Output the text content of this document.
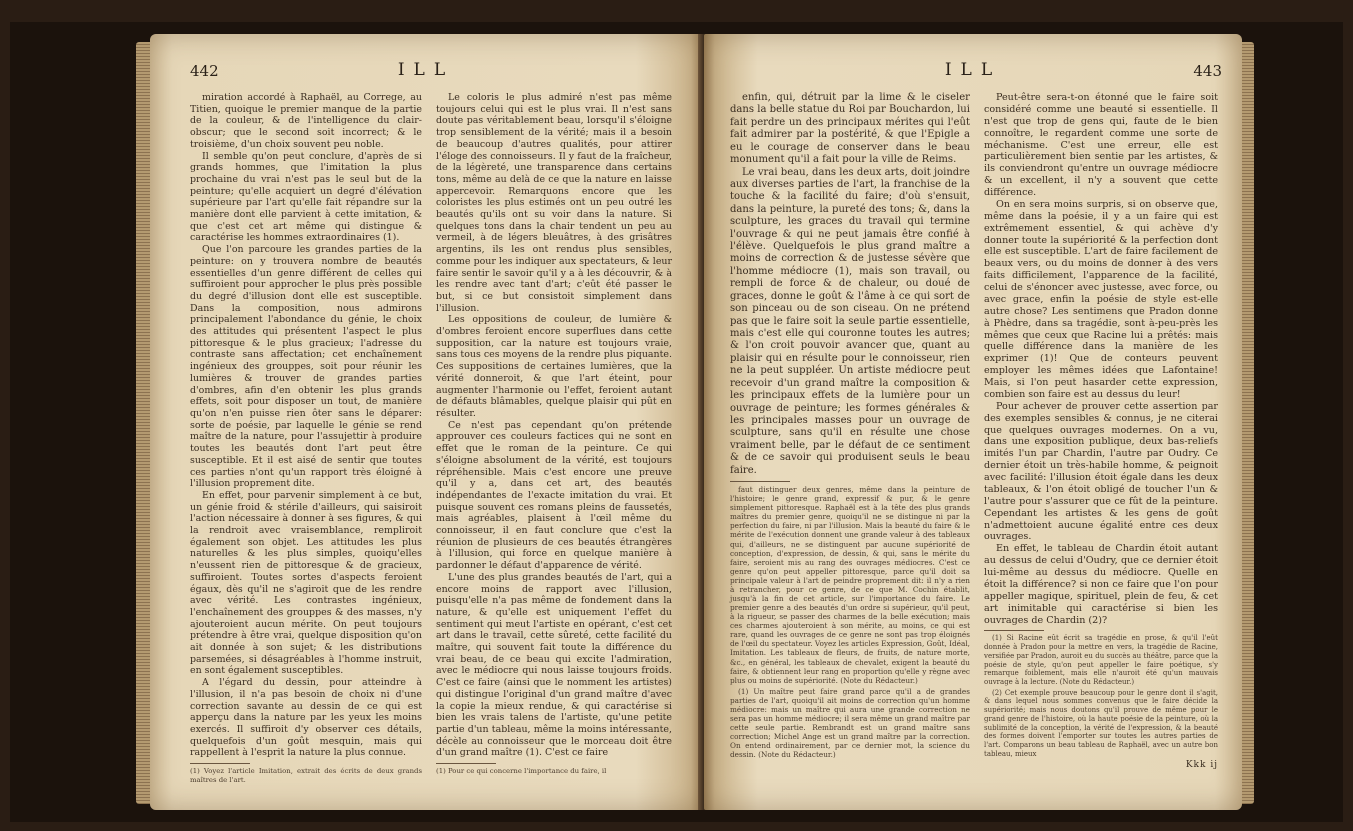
442	ILL

miration accordé à Raphaël, au Correge, au Titien, quoique le premier manque de la partie de la couleur, & de l'intelligence du clair-obscur; que le second soit incorrect; & le troisième, d'un choix souvent peu noble.

Il semble qu'on peut conclure, d'après de si grands hommes, que l'imitation la plus prochaine du vrai n'est pas le seul but de la peinture; qu'elle acquiert un degré d'élévation supérieure par l'art qu'elle fait répandre sur la manière dont elle parvient à cette imitation, & que c'est cet art même qui distingue & caractérise les hommes extraordinaires (1).

Que l'on parcoure les grandes parties de la peinture: on y trouvera nombre de beautés essentielles d'un genre différent de celles qui suffiroient pour approcher le plus près possible du degré d'illusion dont elle est susceptible. Dans la composition, nous admirons principalement l'abondance du génie, le choix des attitudes qui présentent l'aspect le plus pittoresque & le plus gracieux; l'adresse du contraste sans affectation; cet enchaînement ingénieux des grouppes, soit pour réunir les lumières & trouver de grandes parties d'ombres, afin d'en obtenir les plus grands effets, soit pour disposer un tout, de manière qu'on n'en puisse rien ôter sans le déparer: sorte de poésie, par laquelle le génie se rend maître de la nature, pour l'assujettir à produire toutes les beautés dont l'art peut être susceptible. Et il est aisé de sentir que toutes ces parties n'ont qu'un rapport très éloigné à l'illusion proprement dite.

En effet, pour parvenir simplement à ce but, un génie froid & stérile d'ailleurs, qui saisiroit l'action nécessaire à donner à ses figures, & qui la rendroit avec vraisemblance, rempliroit également son objet. Les attitudes les plus naturelles & les plus simples, quoiqu'elles n'eussent rien de pittoresque & de gracieux, suffiroient. Toutes sortes d'aspects feroient égaux, dès qu'il ne s'agiroit que de les rendre avec vérité. Les contrastes ingénieux, l'enchaînement des grouppes & des masses, n'y ajouteroient aucun mérite. On peut toujours prétendre à être vrai, quelque disposition qu'on ait donnée à son sujet; & les distributions parsemées, si désagréables à l'homme instruit, en sont également susceptibles.

A l'égard du dessin, pour atteindre à l'illusion, il n'a pas besoin de choix ni d'une correction savante au dessin de ce qui est apperçu dans la nature par les yeux les moins exercés. Il suffiroit d'y observer ces détails, quelquefois d'un goût mesquin, mais qui rappellent à l'esprit la nature la plus connue.

(1) Voyez l'article Imitation, extrait des écrits de deux grands maîtres de l'art.

Le coloris le plus admiré n'est pas même toujours celui qui est le plus vrai. Il n'est sans doute pas véritablement beau, lorsqu'il s'éloigne trop sensiblement de la vérité; mais il a besoin de beaucoup d'autres qualités, pour attirer l'éloge des connoisseurs. Il y faut de la fraîcheur, de la légèreté, une transparence dans certains tons, même au delà de ce que la nature en laisse appercevoir. Remarquons encore que les coloristes les plus estimés ont un peu outré les beautés qu'ils ont su voir dans la nature. Si quelques tons dans la chair tendent un peu au vermeil, à de légers bleuâtres, à des grisâtres argentins, ils les ont rendus plus sensibles, comme pour les indiquer aux spectateurs, & leur faire sentir le savoir qu'il y a à les découvrir, & à les rendre avec tant d'art; c'eût été passer le but, si ce but consistoit simplement dans l'illusion.

Les oppositions de couleur, de lumière & d'ombres feroient encore superflues dans cette supposition, car la nature est toujours vraie, sans tous ces moyens de la rendre plus piquante. Ces suppositions de certaines lumières, que la vérité donneroit, & que l'art éteint, pour augmenter l'harmonie ou l'effet, feroient autant de défauts blâmables, quelque plaisir qui pût en résulter.

Ce n'est pas cependant qu'on prétende approuver ces couleurs factices qui ne sont en effet que le roman de la peinture. Ce qui s'éloigne absolument de la vérité, est toujours répréhensible. Mais c'est encore une preuve qu'il y a, dans cet art, des beautés indépendantes de l'exacte imitation du vrai. Et puisque souvent ces romans pleins de faussetés, mais agréables, plaisent à l'œil même du connoisseur, il en faut conclure que c'est la réunion de plusieurs de ces beautés étrangères à l'illusion, qui force en quelque manière à pardonner le défaut d'apparence de vérité.

L'une des plus grandes beautés de l'art, qui a encore moins de rapport avec l'illusion, puisqu'elle n'a pas même de fondement dans la nature, & qu'elle est uniquement l'effet du sentiment qui meut l'artiste en opérant, c'est cet art dans le travail, cette sûreté, cette facilité du maître, qui souvent fait toute la différence du vrai beau, de ce beau qui excite l'admiration, avec le médiocre qui nous laisse toujours froids. C'est ce faire (ainsi que le nomment les artistes) qui distingue l'original d'un grand maître d'avec la copie la mieux rendue, & qui caractérise si bien les vrais talens de l'artiste, qu'une petite partie d'un tableau, même la moins intéressante, décèle au connoisseur que le morceau doit être d'un grand maître (1). C'est ce faire

(1) Pour ce qui concerne l'importance du faire, il
ILL	443

enfin, qui, détruit par la lime & le ciseler dans la belle statue du Roi par Bouchardon, lui fait perdre un des principaux mérites qui l'eût fait admirer par la postérité, & que l'Epigle a eu le courage de conserver dans le beau monument qu'il a fait pour la ville de Reims.

Le vrai beau, dans les deux arts, doit joindre aux diverses parties de l'art, la franchise de la touche & la facilité du faire; d'où s'ensuit, dans la peinture, la pureté des tons; &, dans la sculpture, les graces du travail qui termine l'ouvrage & qui ne peut jamais être confié à l'élève. Quelquefois le plus grand maître a moins de correction & de justesse sévère que l'homme médiocre (1), mais son travail, ou rempli de force & de chaleur, ou doué de graces, donne le goût & l'âme à ce qui sort de son pinceau ou de son ciseau. On ne prétend pas que le faire soit la seule partie essentielle, mais c'est elle qui couronne toutes les autres; & l'on croit pouvoir avancer que, quant au plaisir qui en résulte pour le connoisseur, rien ne la peut suppléer. Un artiste médiocre peut recevoir d'un grand maître la composition & les principaux effets de la lumière pour un ouvrage de peinture; les formes générales & les principales masses pour un ouvrage de sculpture, sans qu'il en résulte une chose vraiment belle, par le défaut de ce sentiment & de ce savoir qui produisent seuls le beau faire.

faut distinguer deux genres, même dans la peinture de l'histoire; le genre grand, expressif & pur, & le genre simplement pittoresque. Raphaël est à la tête des plus grands maîtres du premier genre, quoiqu'il ne se distingue ni par la perfection du faire, ni par l'illusion. Mais la beauté du faire & le mérite de l'exécution donnent une grande valeur à des tableaux qui, d'ailleurs, ne se distinguent par aucune supériorité de conception, d'expression, de dessin, & qui, sans le mérite du faire, seroient mis au rang des ouvrages médiocres. C'est ce genre qu'on peut appeller pittoresque, parce qu'il doit sa principale valeur à l'art de peindre proprement dit: il n'y a rien à retrancher, pour ce genre, de ce que M. Cochin établit, jusqu'à la fin de cet article, sur l'importance du faire. Le premier genre a des beautés d'un ordre si supérieur, qu'il peut, à la rigueur, se passer des charmes de la belle exécution; mais ces charmes ajouteroient à son mérite, au moins, ce qui est rare, quand les ouvrages de ce genre ne sont pas trop éloignés de l'œil du spectateur. Voyez les articles Expression, Goût, Idéal, Imitation. Les tableaux de fleurs, de fruits, de nature morte, &c., en général, les tableaux de chevalet, exigent la beauté du faire, & obtiennent leur rang en proportion qu'elle y règne avec plus ou moins de supériorité. (Note du Rédacteur.)

(1) Un maître peut faire grand parce qu'il a de grandes parties de l'art, quoiqu'il ait moins de correction qu'un homme médiocre: mais un maître qui aura une grande correction ne sera pas un homme médiocre; il sera même un grand maître par cette seule partie. Rembrandt est un grand maître sans correction; Michel Ange est un grand maître par la correction. On entend ordinairement, par ce dernier mot, la science du dessin. (Note du Rédacteur.)

Peut-être sera-t-on étonné que le faire soit considéré comme une beauté si essentielle. Il n'est que trop de gens qui, faute de le bien connoître, le regardent comme une sorte de méchanisme. C'est une erreur, elle est particulièrement bien sentie par les artistes, & ils conviendront qu'entre un ouvrage médiocre & un excellent, il n'y a souvent que cette différence.

On en sera moins surpris, si on observe que, même dans la poésie, il y a un faire qui est extrêmement essentiel, & qui achève d'y donner toute la supériorité & la perfection dont elle est susceptible. L'art de faire facilement de beaux vers, ou du moins de donner à des vers faits difficilement, l'apparence de la facilité, celui de s'énoncer avec justesse, avec force, ou avec grace, enfin la poésie de style est-elle autre chose? Les sentimens que Pradon donne à Phèdre, dans sa tragédie, sont à-peu-près les mêmes que ceux que Racine lui a prêtés: mais quelle différence dans la manière de les exprimer (1)! Que de conteurs peuvent employer les mêmes idées que Lafontaine! Mais, si l'on peut hasarder cette expression, combien son faire est au dessus du leur!

Pour achever de prouver cette assertion par des exemples sensibles & connus, je ne citerai que quelques ouvrages modernes. On a vu, dans une exposition publique, deux bas-reliefs imités l'un par Chardin, l'autre par Oudry. Ce dernier étoit un très-habile homme, & peignoit avec facilité: l'illusion étoit égale dans les deux tableaux, & l'on étoit obligé de toucher l'un & l'autre pour s'assurer que ce fût de la peinture. Cependant les artistes & les gens de goût n'admettoient aucune égalité entre ces deux ouvrages.

En effet, le tableau de Chardin étoit autant au dessus de celui d'Oudry, que ce dernier étoit lui-même au dessus du médiocre. Quelle en étoit la différence? si non ce faire que l'on pour appeller magique, spirituel, plein de feu, & cet art inimitable qui caractérise si bien les ouvrages de Chardin (2)?

(1) Si Racine eût écrit sa tragédie en prose, & qu'il l'eût donnée à Pradon pour la mettre en vers, la tragédie de Racine, versifiée par Pradon, auroit eu du succès au théâtre, parce que la poésie de style, qu'on peut appeller le faire poétique, s'y remarque foiblement, mais elle n'auroit été qu'un mauvais ouvrage à la lecture. (Note du Rédacteur.)

(2) Cet exemple prouve beaucoup pour le genre dont il s'agit, & dans lequel nous sommes convenus que le faire décide la supériorité; mais nous doutons qu'il prouve de même pour le grand genre de l'histoire, où la haute poésie de la peinture, où la sublimité de la conception, la vérité de l'expression, & la beauté des formes doivent l'emporter sur toutes les autres parties de l'art. Comparons un beau tableau de Raphaël, avec un autre bon tableau, mieux

Kkk ij
